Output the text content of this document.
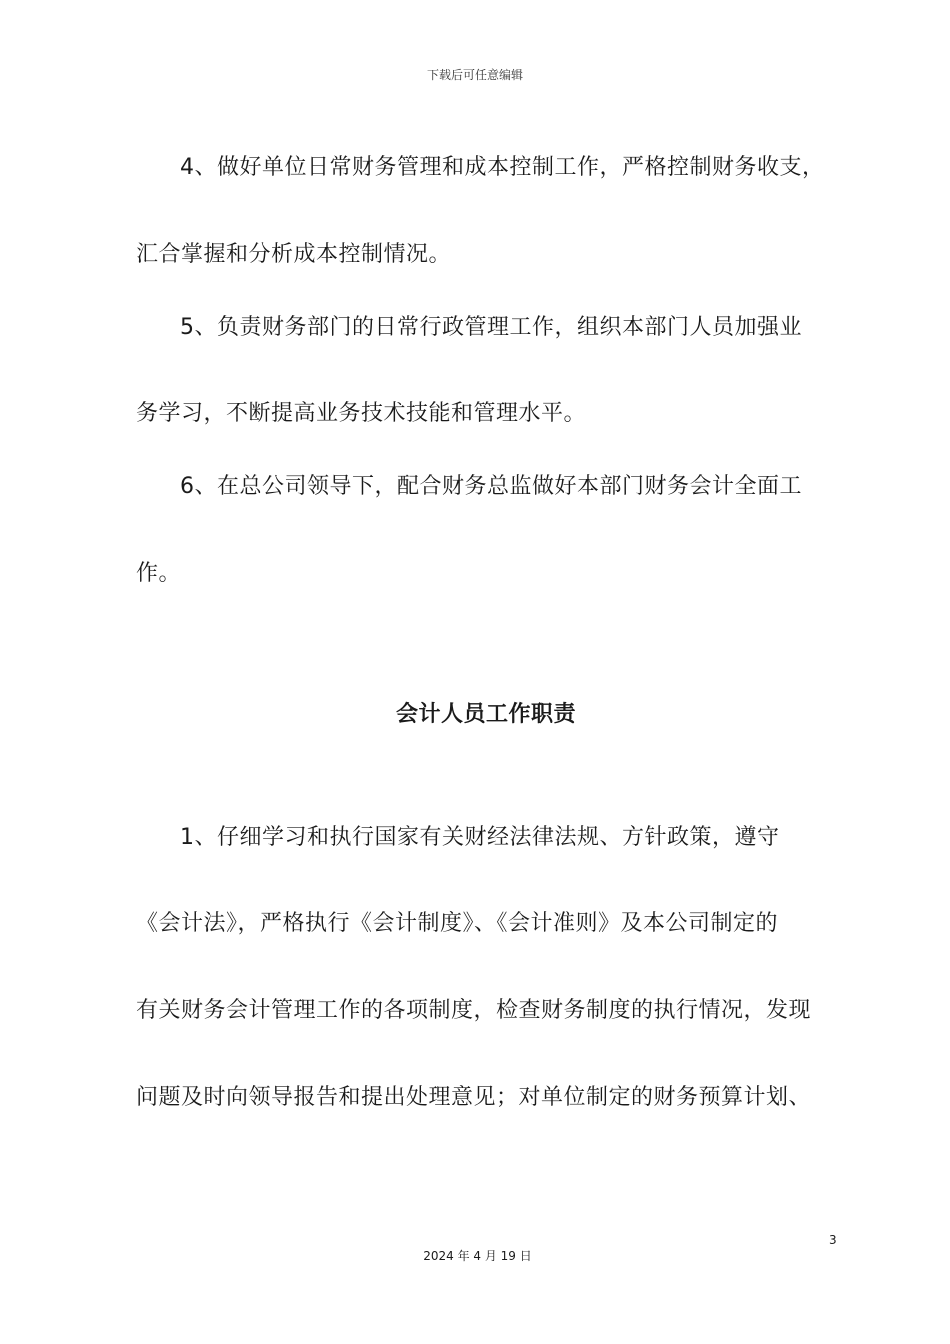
下载后可任意编辑
4、做好单位日常财务管理和成本控制工作，严格控制财务收支，
汇合掌握和分析成本控制情况。
5、负责财务部门的日常行政管理工作，组织本部门人员加强业
务学习，不断提高业务技术技能和管理水平。
6、在总公司领导下，配合财务总监做好本部门财务会计全面工
作。
会计人员工作职责
1、仔细学习和执行国家有关财经法律法规、方针政策，遵守
《会计法》，严格执行《会计制度》、《会计准则》及本公司制定的
有关财务会计管理工作的各项制度，检查财务制度的执行情况，发现
问题及时向领导报告和提出处理意见；对单位制定的财务预算计划、
3
2024 年 4 月 19 日
